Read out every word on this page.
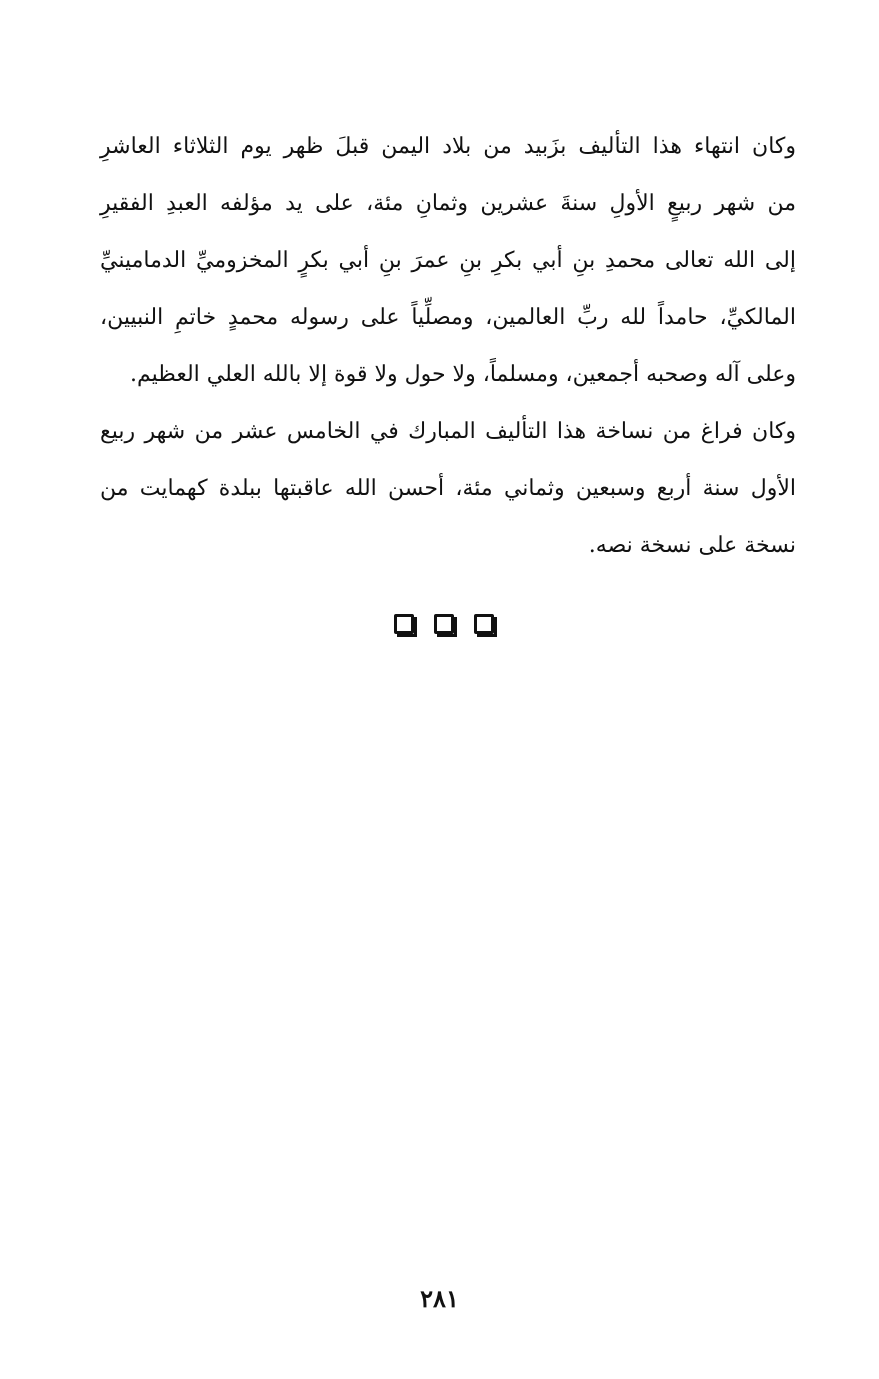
وكان انتهاء هذا التأليف بزَبيد من بلاد اليمن قبلَ ظهر يوم الثلاثاء العاشرِ
من شهر ربيعٍ الأولِ سنةَ عشرين وثمانِ مئة، على يد مؤلفه العبدِ الفقيرِ
إلى الله تعالى محمدِ بنِ أبي بكرِ بنِ عمرَ بنِ أبي بكرٍ المخزوميِّ الدمامينيِّ
المالكيِّ، حامداً لله ربِّ العالمين، ومصلِّياً على رسوله محمدٍ خاتمِ النبيين،
وعلى آله وصحبه أجمعين، ومسلماً، ولا حول ولا قوة إلا بالله العلي العظيم.

وكان فراغ من نساخة هذا التأليف المبارك في الخامس عشر من شهر ربيع
الأول سنة أربع وسبعين وثماني مئة، أحسن الله عاقبتها ببلدة كهمايت من
نسخة على نسخة نصه.

٢٨١
